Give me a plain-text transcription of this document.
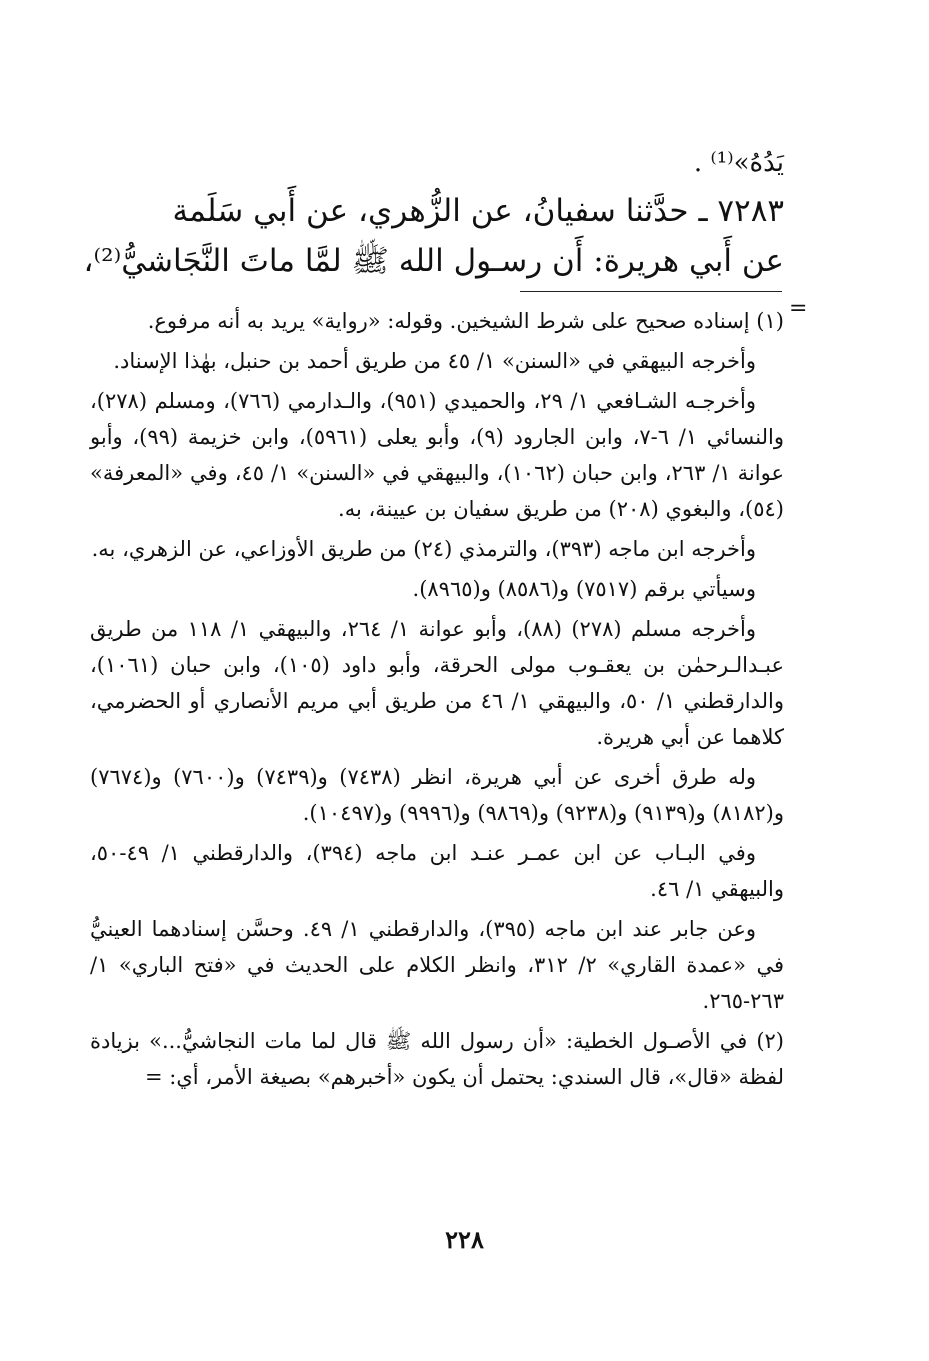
يَدُهُ»⁽¹⁾ .
٧٢٨٣ ـ حدَّثنا سفيانُ، عن الزُّهري، عن أَبي سَلَمة
عن أَبي هريرة: أَن رسـول الله ﷺ لمَّا ماتَ النَّجَاشيُّ⁽²⁾،
=

(١) إسناده صحيح على شرط الشيخين. وقوله: «رواية» يريد به أنه مرفوع.

وأخرجه البيهقي في «السنن» ١/ ٤٥ من طريق أحمد بن حنبل، بهٰذا الإسناد.

وأخرجـه الشـافعي ١/ ٢٩، والحميدي (٩٥١)، والـدارمي (٧٦٦)، ومسلم (٢٧٨)، والنسائي ١/ ٦-٧، وابن الجارود (٩)، وأبو يعلى (٥٩٦١)، وابن خزيمة (٩٩)، وأبو عوانة ١/ ٢٦٣، وابن حبان (١٠٦٢)، والبيهقي في «السنن» ١/ ٤٥، وفي «المعرفة» (٥٤)، والبغوي (٢٠٨) من طريق سفيان بن عيينة، به.

وأخرجه ابن ماجه (٣٩٣)، والترمذي (٢٤) من طريق الأوزاعي، عن الزهري، به.

وسيأتي برقم (٧٥١٧) و(٨٥٨٦) و(٨٩٦٥).

وأخرجه مسلم (٢٧٨) (٨٨)، وأبو عوانة ١/ ٢٦٤، والبيهقي ١/ ١١٨ من طريق عبـدالـرحمٰن بن يعقـوب مولى الحرقة، وأبو داود (١٠٥)، وابن حبان (١٠٦١)، والدارقطني ١/ ٥٠، والبيهقي ١/ ٤٦ من طريق أبي مريم الأنصاري أو الحضرمي، كلاهما عن أبي هريرة.

وله طرق أخرى عن أبي هريرة، انظر (٧٤٣٨) و(٧٤٣٩) و(٧٦٠٠) و(٧٦٧٤) و(٨١٨٢) و(٩١٣٩) و(٩٢٣٨) و(٩٨٦٩) و(٩٩٩٦) و(١٠٤٩٧).

وفي البـاب عن ابن عمـر عنـد ابن ماجه (٣٩٤)، والدارقطني ١/ ٤٩-٥٠، والبيهقي ١/ ٤٦.

وعن جابر عند ابن ماجه (٣٩٥)، والدارقطني ١/ ٤٩. وحسَّن إسنادهما العينيُّ في «عمدة القاري» ٢/ ٣١٢، وانظر الكلام على الحديث في «فتح الباري» ١/ ٢٦٣-٢٦٥.

(٢) في الأصـول الخطية: «أن رسول الله ﷺ قال لما مات النجاشيُّ...» بزيادة لفظة «قال»، قال السندي: يحتمل أن يكون «أخبرهم» بصيغة الأمر، أي: =

٢٢٨
